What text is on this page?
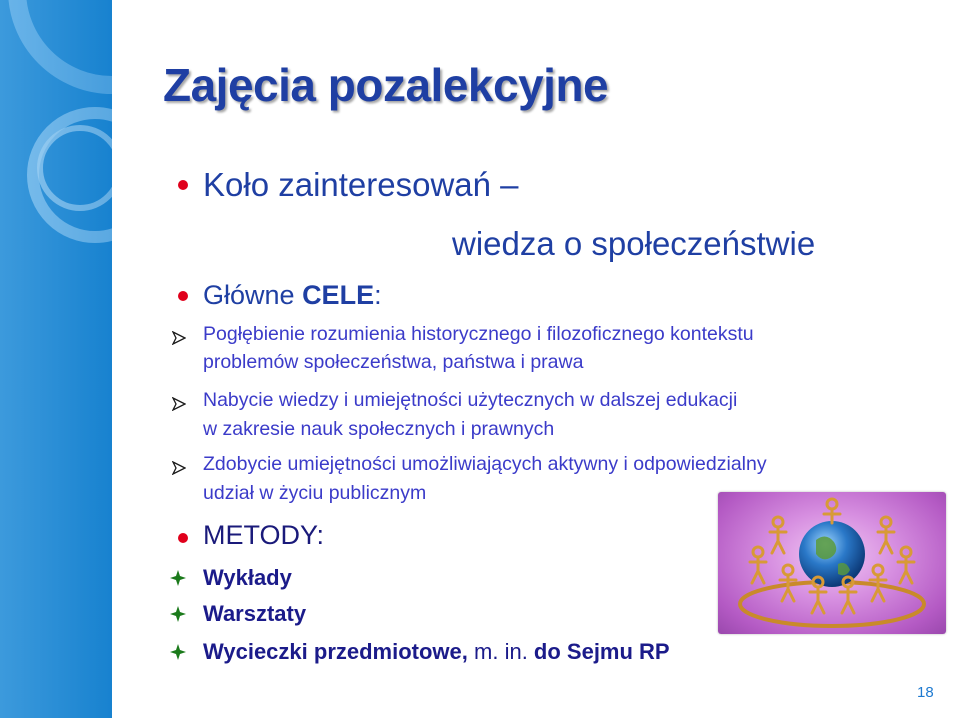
Zajęcia pozalekcyjne
Koło zainteresowań –
wiedza o społeczeństwie
Główne CELE:
Pogłębienie rozumienia historycznego i filozoficznego kontekstu
problemów społeczeństwa, państwa i prawa
Nabycie wiedzy i umiejętności użytecznych w dalszej edukacji
w zakresie nauk społecznych i prawnych
Zdobycie umiejętności umożliwiających aktywny i odpowiedzialny
udział w życiu publicznym
METODY:
Wykłady
Warsztaty
Wycieczki przedmiotowe, m. in. do Sejmu RP
18
